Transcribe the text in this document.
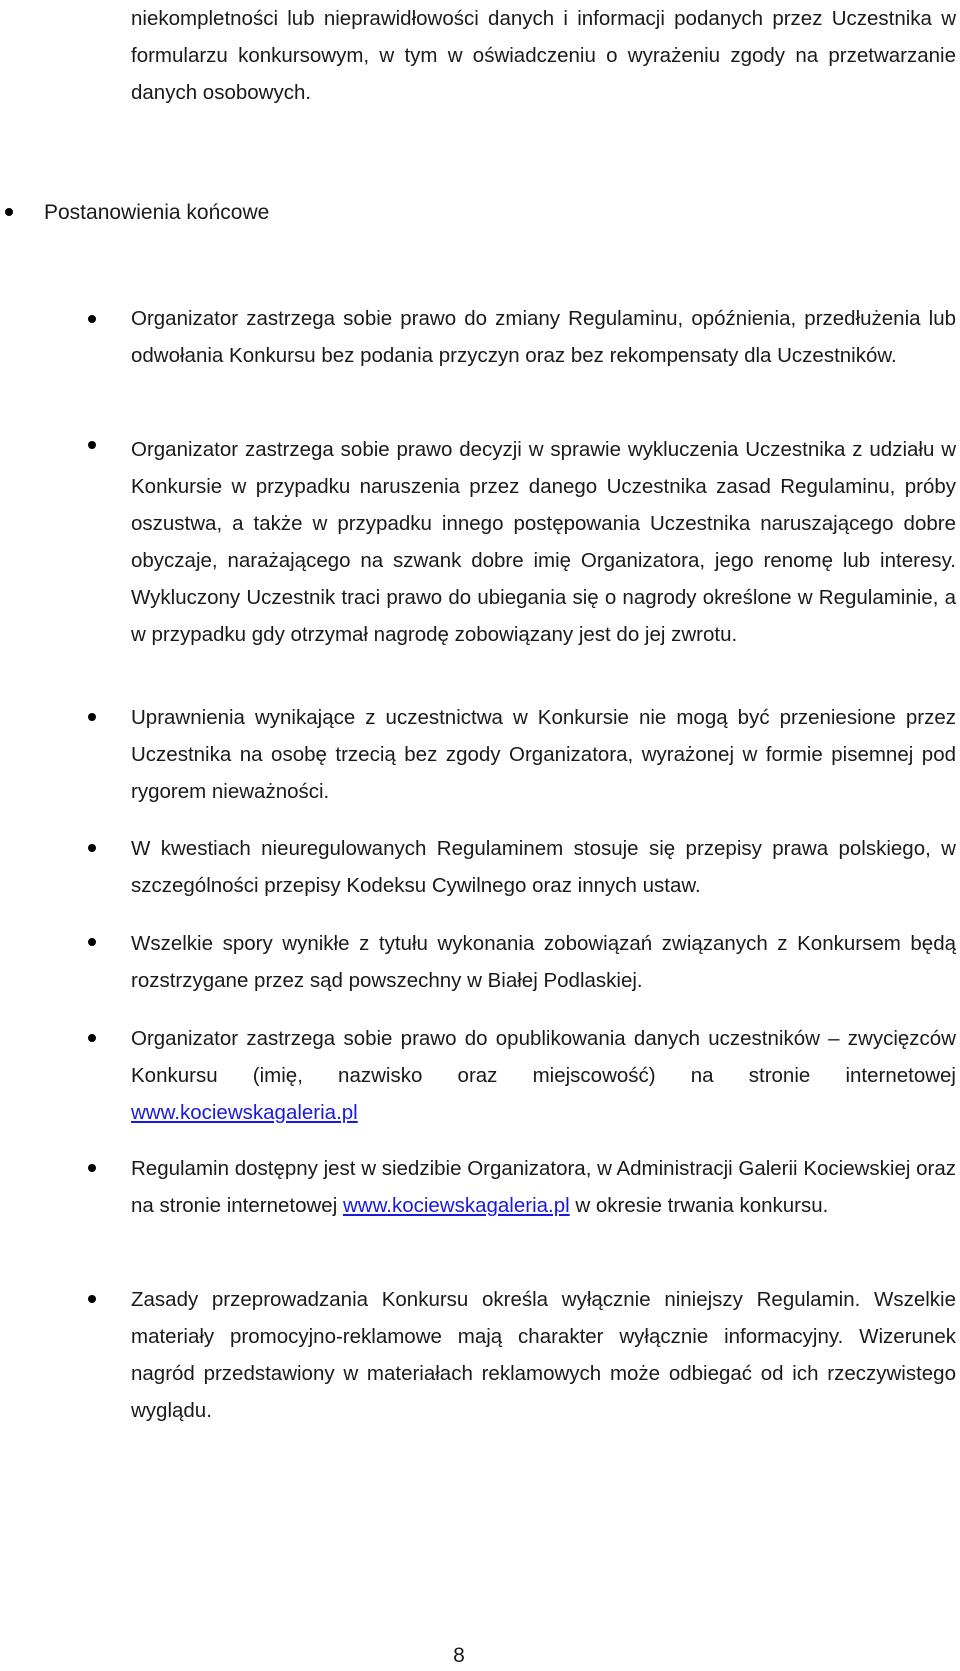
niekompletności lub nieprawidłowości danych i informacji podanych przez Uczestnika w formularzu konkursowym, w tym w oświadczeniu o wyrażeniu zgody na przetwarzanie danych osobowych.

Postanowienia końcowe

Organizator zastrzega sobie prawo do zmiany Regulaminu, opóźnienia, przedłużenia lub odwołania Konkursu bez podania przyczyn oraz bez rekompensaty dla Uczestników.

Organizator zastrzega sobie prawo decyzji w sprawie wykluczenia Uczestnika z udziału w Konkursie w przypadku naruszenia przez danego Uczestnika zasad Regulaminu, próby oszustwa, a także w przypadku innego postępowania Uczestnika naruszającego dobre obyczaje, narażającego na szwank dobre imię Organizatora, jego renomę lub interesy. Wykluczony Uczestnik traci prawo do ubiegania się o nagrody określone w Regulaminie, a w przypadku gdy otrzymał nagrodę zobowiązany jest do jej zwrotu.

Uprawnienia wynikające z uczestnictwa w Konkursie nie mogą być przeniesione przez Uczestnika na osobę trzecią bez zgody Organizatora, wyrażonej w formie pisemnej pod rygorem nieważności.

W kwestiach nieuregulowanych Regulaminem stosuje się przepisy prawa polskiego, w szczególności przepisy Kodeksu Cywilnego oraz innych ustaw.

Wszelkie spory wynikłe z tytułu wykonania zobowiązań związanych z Konkursem będą rozstrzygane przez sąd powszechny w Białej Podlaskiej.

Organizator zastrzega sobie prawo do opublikowania danych uczestników – zwycięzców Konkursu (imię, nazwisko oraz miejscowość) na stronie internetowej www.kociewskagaleria.pl

Regulamin dostępny jest w siedzibie Organizatora, w Administracji Galerii Kociewskiej oraz na stronie internetowej www.kociewskagaleria.pl w okresie trwania konkursu.

Zasady przeprowadzania Konkursu określa wyłącznie niniejszy Regulamin. Wszelkie materiały promocyjno-reklamowe mają charakter wyłącznie informacyjny. Wizerunek nagród przedstawiony w materiałach reklamowych może odbiegać od ich rzeczywistego wyglądu.

8
